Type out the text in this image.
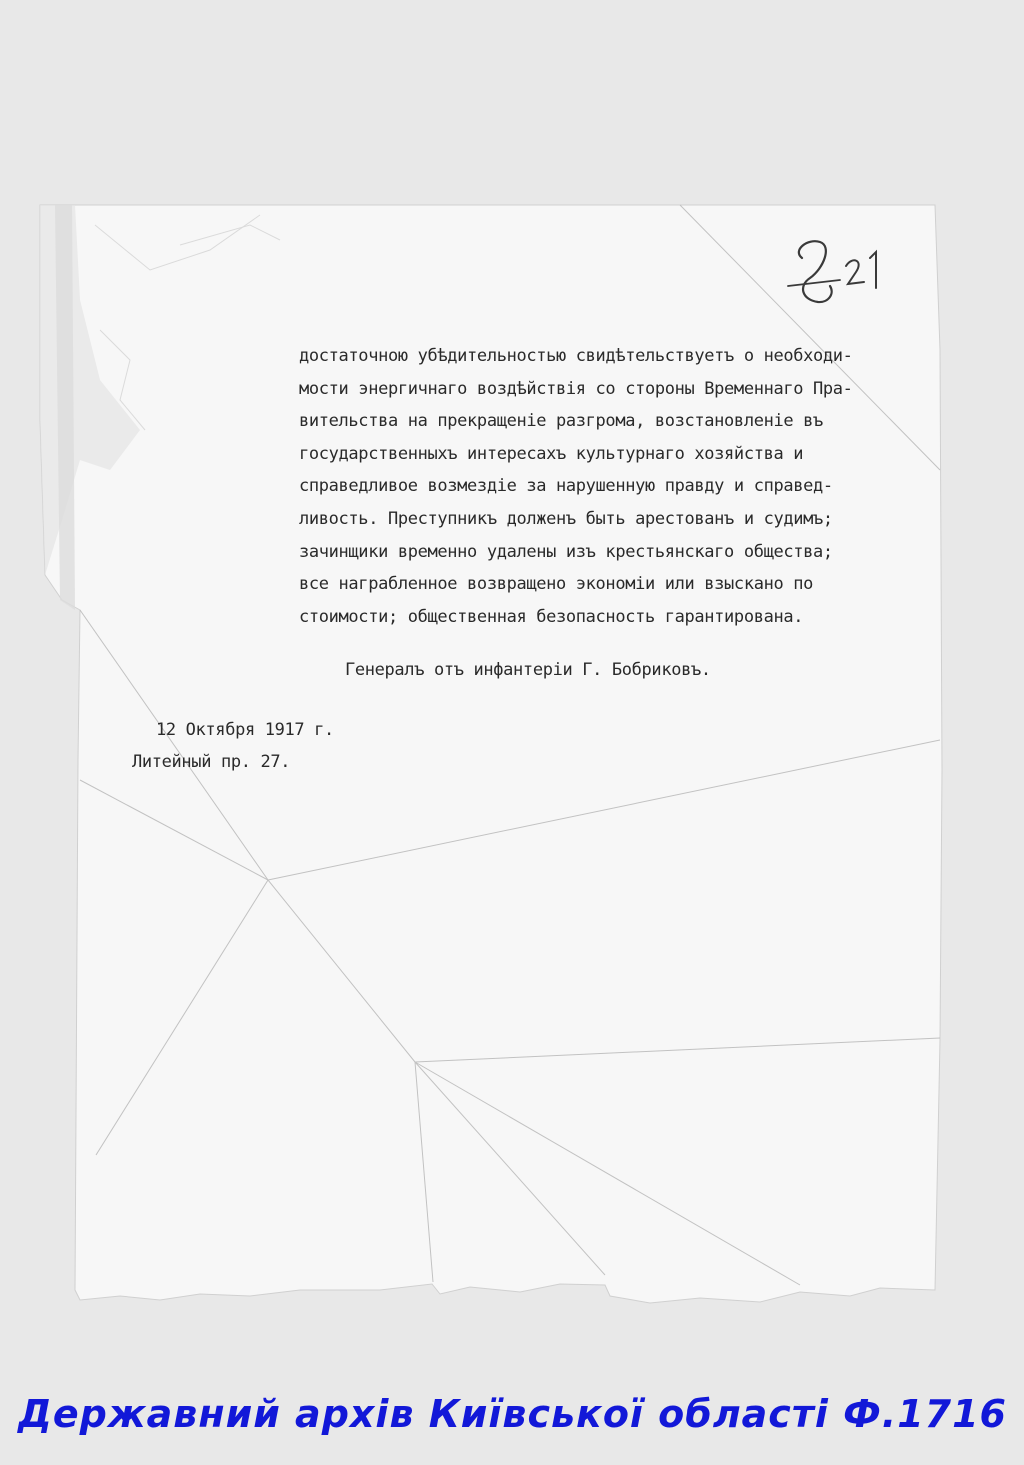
достаточною убѣдительностью свидѣтельствуетъ о необходи-
мости энергичнаго воздѣйствія со стороны Временнаго Пра-
вительства на прекращеніе разгрома, возстановленіе въ
государственныхъ интересахъ культурнаго хозяйства и
справедливое возмездіе за нарушенную правду и справед-
ливость. Преступникъ долженъ быть арестованъ и судимъ;
зачинщики временно удалены изъ крестьянскаго общества;
все награбленное возвращено экономіи или взыскано по
стоимости; общественная безопасность гарантирована.
Генералъ отъ инфантеріи Г. Бобриковъ.
12 Октября 1917 г.
Литейный пр. 27.
Державний архів Київської області Ф.1716
